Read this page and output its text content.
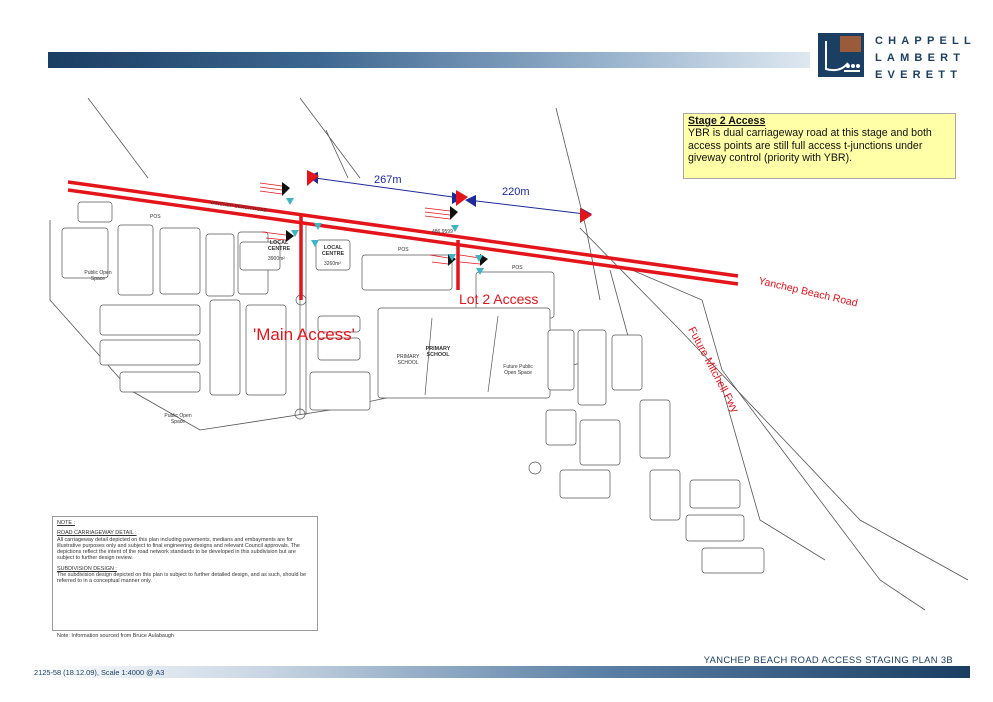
CHAPPELL
LAMBERT
EVERETT
267m
220m
Stage 2 Access
YBR is dual carriageway road at this stage and both access points are still full access t-junctions under giveway control (priority with YBR).
Lot 2 Access
'Main Access'
Yanchep Beach Road
Future Mitchell Fwy
LOCAL CENTRE
3900m²
LOCAL CENTRE
3260m²
PRIMARY SCHOOL
PRIMARY SCHOOL
Public Open Space
Public Open Space
Future Public Open Space
POS
POS
POS
486.9599
YANCHEP BEACH ROAD
NOTE :
ROAD CARRIAGEWAY DETAIL :
All carriageway detail depicted on this plan including pavements, medians and embayments are for illustrative purposes only and subject to final engineering designs and relevant Council approvals. The depictions reflect the intent of the road network standards to be developed in this subdivision but are subject to further design review.
SUBDIVISION DESIGN :
The subdivision design depicted on this plan is subject to further detailed design, and as such, should be referred to in a conceptual manner only.
Note: Information sourced from Bruce Aulabaugh
YANCHEP BEACH ROAD ACCESS STAGING PLAN 3B
2125-58 (18.12.09), Scale 1:4000 @ A3
